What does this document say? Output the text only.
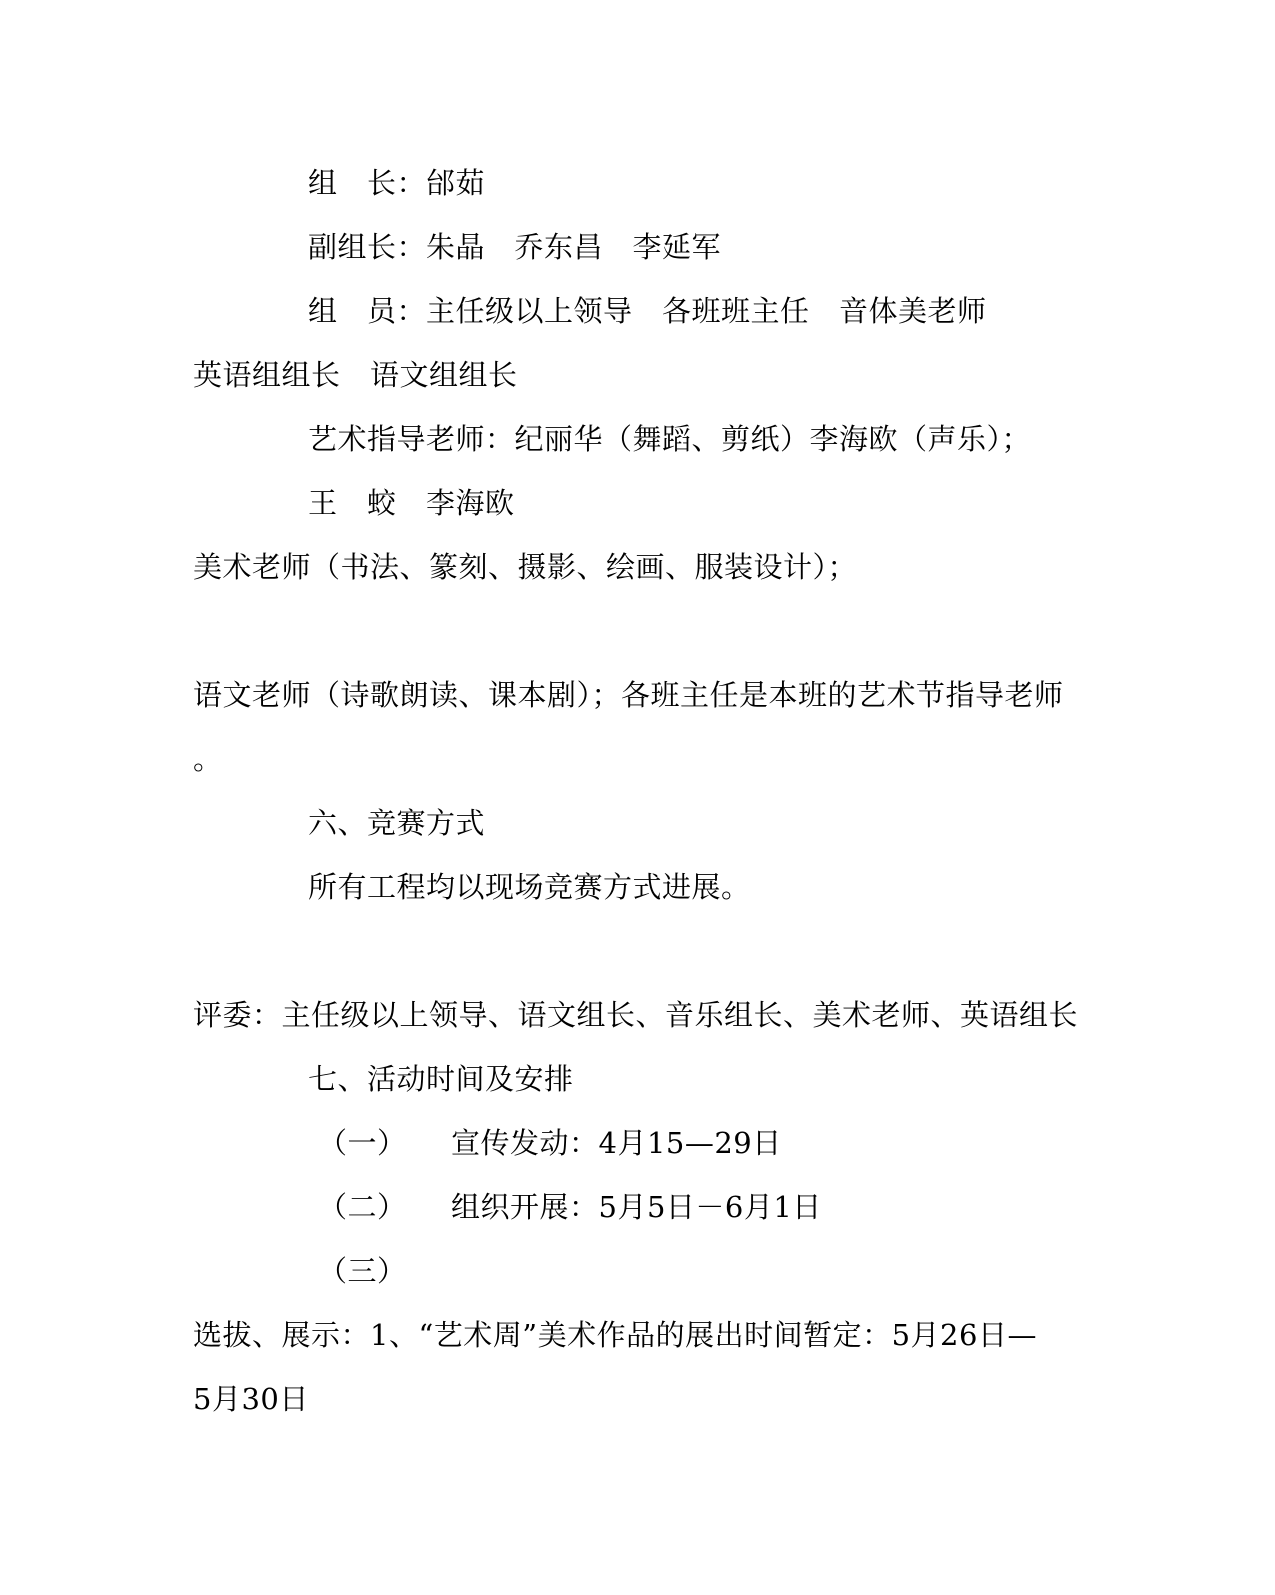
组　长：邰茹
副组长：朱晶　乔东昌　李延军
组　员：主任级以上领导　各班班主任　音体美老师
英语组组长　语文组组长
艺术指导老师：纪丽华（舞蹈、剪纸）李海欧（声乐）；
王　蛟　李海欧
美术老师（书法、篆刻、摄影、绘画、服装设计）；
语文老师（诗歌朗读、课本剧）；各班主任是本班的艺术节指导老师
。
六、竞赛方式
所有工程均以现场竞赛方式进展。
评委：主任级以上领导、语文组长、音乐组长、美术老师、英语组长
七、活动时间及安排
（一） 宣传发动：4月15—29日
（二） 组织开展：5月5日－6月1日
（三）
选拔、展示：1、“艺术周”美术作品的展出时间暂定：5月26日—
5月30日
